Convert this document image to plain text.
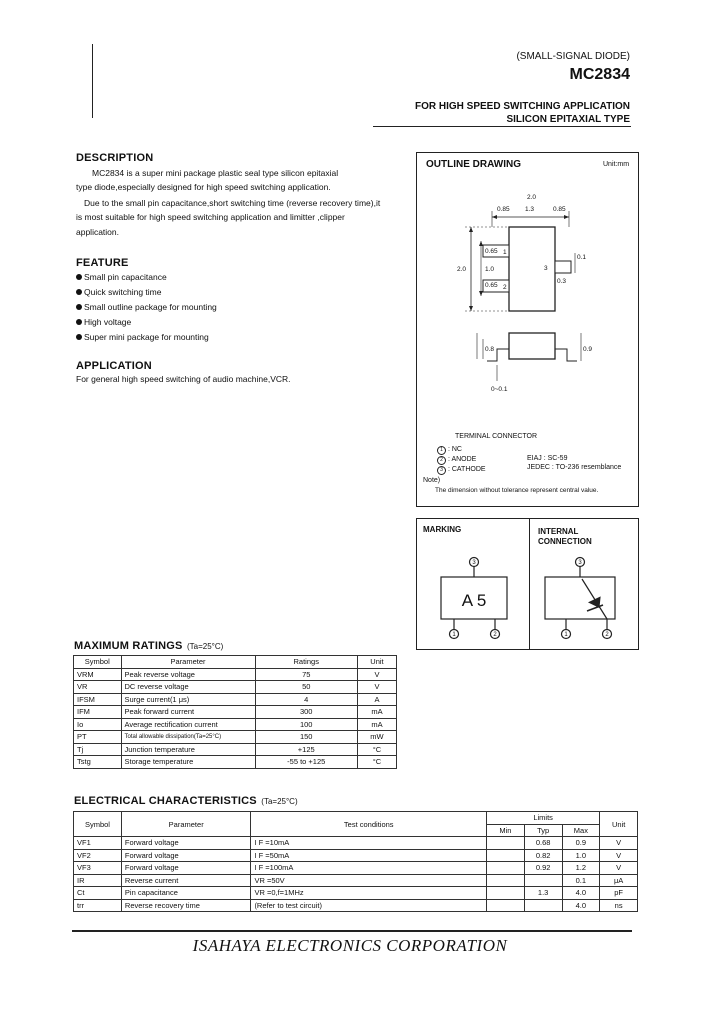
(SMALL-SIGNAL DIODE)
MC2834
FOR HIGH SPEED SWITCHING APPLICATION
SILICON EPITAXIAL TYPE
DESCRIPTION
MC2834 is a super mini package plastic seal type silicon epitaxial
type diode,especially designed for high speed switching application.
Due to the small pin capacitance,short switching time (reverse recovery time),it
is most suitable for high speed switching application and limitter ,clipper
application.
FEATURE
Small pin capacitance
Quick switching time
Small outline package for mounting
High voltage
Super mini package for mounting
APPLICATION
For general high speed switching of audio machine,VCR.
OUTLINE DRAWING	Unit:mm
2.0
1.3
0.85	0.85
2.0
0.65
1.0
0.65
0.1
0.3
0.8	0.9
0~0.1
1
2
3
TERMINAL CONNECTOR
1 : NC
2 : ANODE
3 : CATHODE
EIAJ : SC-59
JEDEC : TO-236 resemblance
Note)
The dimension without tolerance represent central value.
MARKING	INTERNAL
CONNECTION
3
1	2
3
1	2
A 5
MAXIMUM RATINGS (Ta=25°C)
Symbol	Parameter	Ratings	Unit
VRM	Peak reverse voltage	75	V
VR	DC reverse voltage	50	V
IFSM	Surge current(1 μs)	4	A
IFM	Peak forward current	300	mA
Io	Average rectification current	100	mA
PT	Total allowable dissipation(Ta=25°C)	150	mW
Tj	Junction temperature	+125	°C
Tstg	Storage temperature	-55 to +125	°C
ELECTRICAL CHARACTERISTICS (Ta=25°C)
Symbol	Parameter	Test conditions	Limits			Unit
			Min	Typ	Max	
VF1	Forward voltage	I F =10mA		0.68	0.9	V
VF2	Forward voltage	I F =50mA		0.82	1.0	V
VF3	Forward voltage	I F =100mA		0.92	1.2	V
IR	Reverse current	VR =50V			0.1	μA
Ct	Pin capacitance	VR =0,f=1MHz		1.3	4.0	pF
trr	Reverse recovery time	(Refer to test circuit)			4.0	ns
ISAHAYA ELECTRONICS CORPORATION
